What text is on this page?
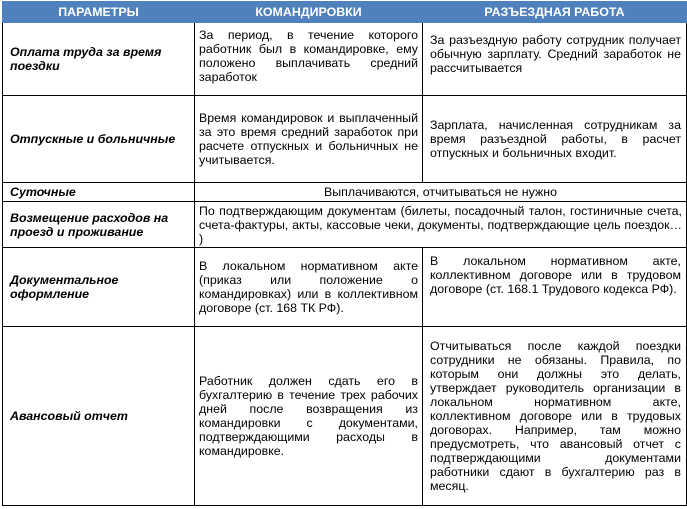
ПАРАМЕТРЫ	КОМАНДИРОВКИ	РАЗЪЕЗДНАЯ РАБОТА
Оплата труда за время поездки	За период, в течение которого работник был в командировке, ему положено выплачивать средний заработок	За разъездную работу сотрудник получает обычную зарплату. Средний заработок не рассчитывается
Отпускные и больничные	Время командировок и выплаченный за это время средний заработок при расчете отпускных и больничных не учитывается.	Зарплата, начисленная сотрудникам за время разъездной работы, в расчет отпускных и больничных входит.
Суточные	Выплачиваются, отчитываться не нужно	
Возмещение расходов на проезд и проживание	По подтверждающим документам (билеты, посадочный талон, гостиничные счета, счета-фактуры, акты, кассовые чеки, документы, подтверждающие цель поездок… )	
Документальное оформление	В локальном нормативном акте (приказ или положение о командировках) или в коллективном договоре (ст. 168 ТК РФ).	В локальном нормативном акте, коллективном договоре или в трудовом договоре (ст. 168.1 Трудового кодекса РФ).
Авансовый отчет	Работник должен сдать его в бухгалтерию в течение трех рабочих дней после возвращения из командировки с документами, подтверждающими расходы в командировке.	Отчитываться после каждой поездки сотрудники не обязаны. Правила, по которым они должны это делать, утверждает руководитель организации в локальном нормативном акте, коллективном договоре или в трудовых договорах. Например, там можно предусмотреть, что авансовый отчет с подтверждающими документами работники сдают в бухгалтерию раз в месяц.
